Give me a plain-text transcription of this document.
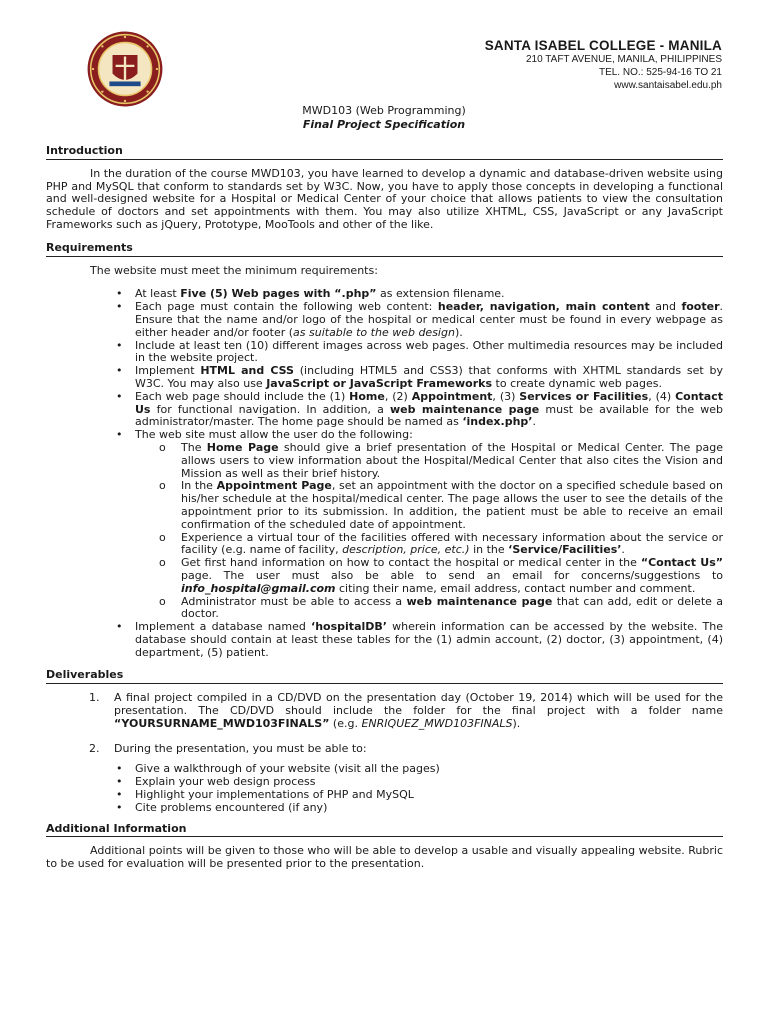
SANTA ISABEL COLLEGE - MANILA
210 TAFT AVENUE, MANILA, PHILIPPINES
TEL. NO.: 525-94-16 TO 21
www.santaisabel.edu.ph
MWD103 (Web Programming)
Final Project Specification
Introduction

In the duration of the course MWD103, you have learned to develop a dynamic and database-driven website using PHP and MySQL that conform to standards set by W3C. Now, you have to apply those concepts in developing a functional and well-designed website for a Hospital or Medical Center of your choice that allows patients to view the consultation schedule of doctors and set appointments with them. You may also utilize XHTML, CSS, JavaScript or any JavaScript Frameworks such as jQuery, Prototype, MooTools and other of the like.

Requirements

The website must meet the minimum requirements:

• At least Five (5) Web pages with “.php” as extension filename.
• Each page must contain the following web content: header, navigation, main content and footer. Ensure that the name and/or logo of the hospital or medical center must be found in every webpage as either header and/or footer (as suitable to the web design).
• Include at least ten (10) different images across web pages. Other multimedia resources may be included in the website project.
• Implement HTML and CSS (including HTML5 and CSS3) that conforms with XHTML standards set by W3C. You may also use JavaScript or JavaScript Frameworks to create dynamic web pages.
• Each web page should include the (1) Home, (2) Appointment, (3) Services or Facilities, (4) Contact Us for functional navigation. In addition, a web maintenance page must be available for the web administrator/master. The home page should be named as ‘index.php’.
• The web site must allow the user do the following:
o The Home Page should give a brief presentation of the Hospital or Medical Center. The page allows users to view information about the Hospital/Medical Center that also cites the Vision and Mission as well as their brief history.
o In the Appointment Page, set an appointment with the doctor on a specified schedule based on his/her schedule at the hospital/medical center. The page allows the user to see the details of the appointment prior to its submission. In addition, the patient must be able to receive an email confirmation of the scheduled date of appointment.
o Experience a virtual tour of the facilities offered with necessary information about the service or facility (e.g. name of facility, description, price, etc.) in the ‘Service/Facilities’.
o Get first hand information on how to contact the hospital or medical center in the “Contact Us” page. The user must also be able to send an email for concerns/suggestions to info_hospital@gmail.com citing their name, email address, contact number and comment.
o Administrator must be able to access a web maintenance page that can add, edit or delete a doctor.
• Implement a database named ‘hospitalDB’ wherein information can be accessed by the website. The database should contain at least these tables for the (1) admin account, (2) doctor, (3) appointment, (4) department, (5) patient.
Deliverables
1. A final project compiled in a CD/DVD on the presentation day (October 19, 2014) which will be used for the presentation. The CD/DVD should include the folder for the final project with a folder name “YOURSURNAME_MWD103FINALS” (e.g. ENRIQUEZ_MWD103FINALS).
2. During the presentation, you must be able to:
• Give a walkthrough of your website (visit all the pages)
• Explain your web design process
• Highlight your implementations of PHP and MySQL
• Cite problems encountered (if any)
Additional Information

Additional points will be given to those who will be able to develop a usable and visually appealing website. Rubric to be used for evaluation will be presented prior to the presentation.
